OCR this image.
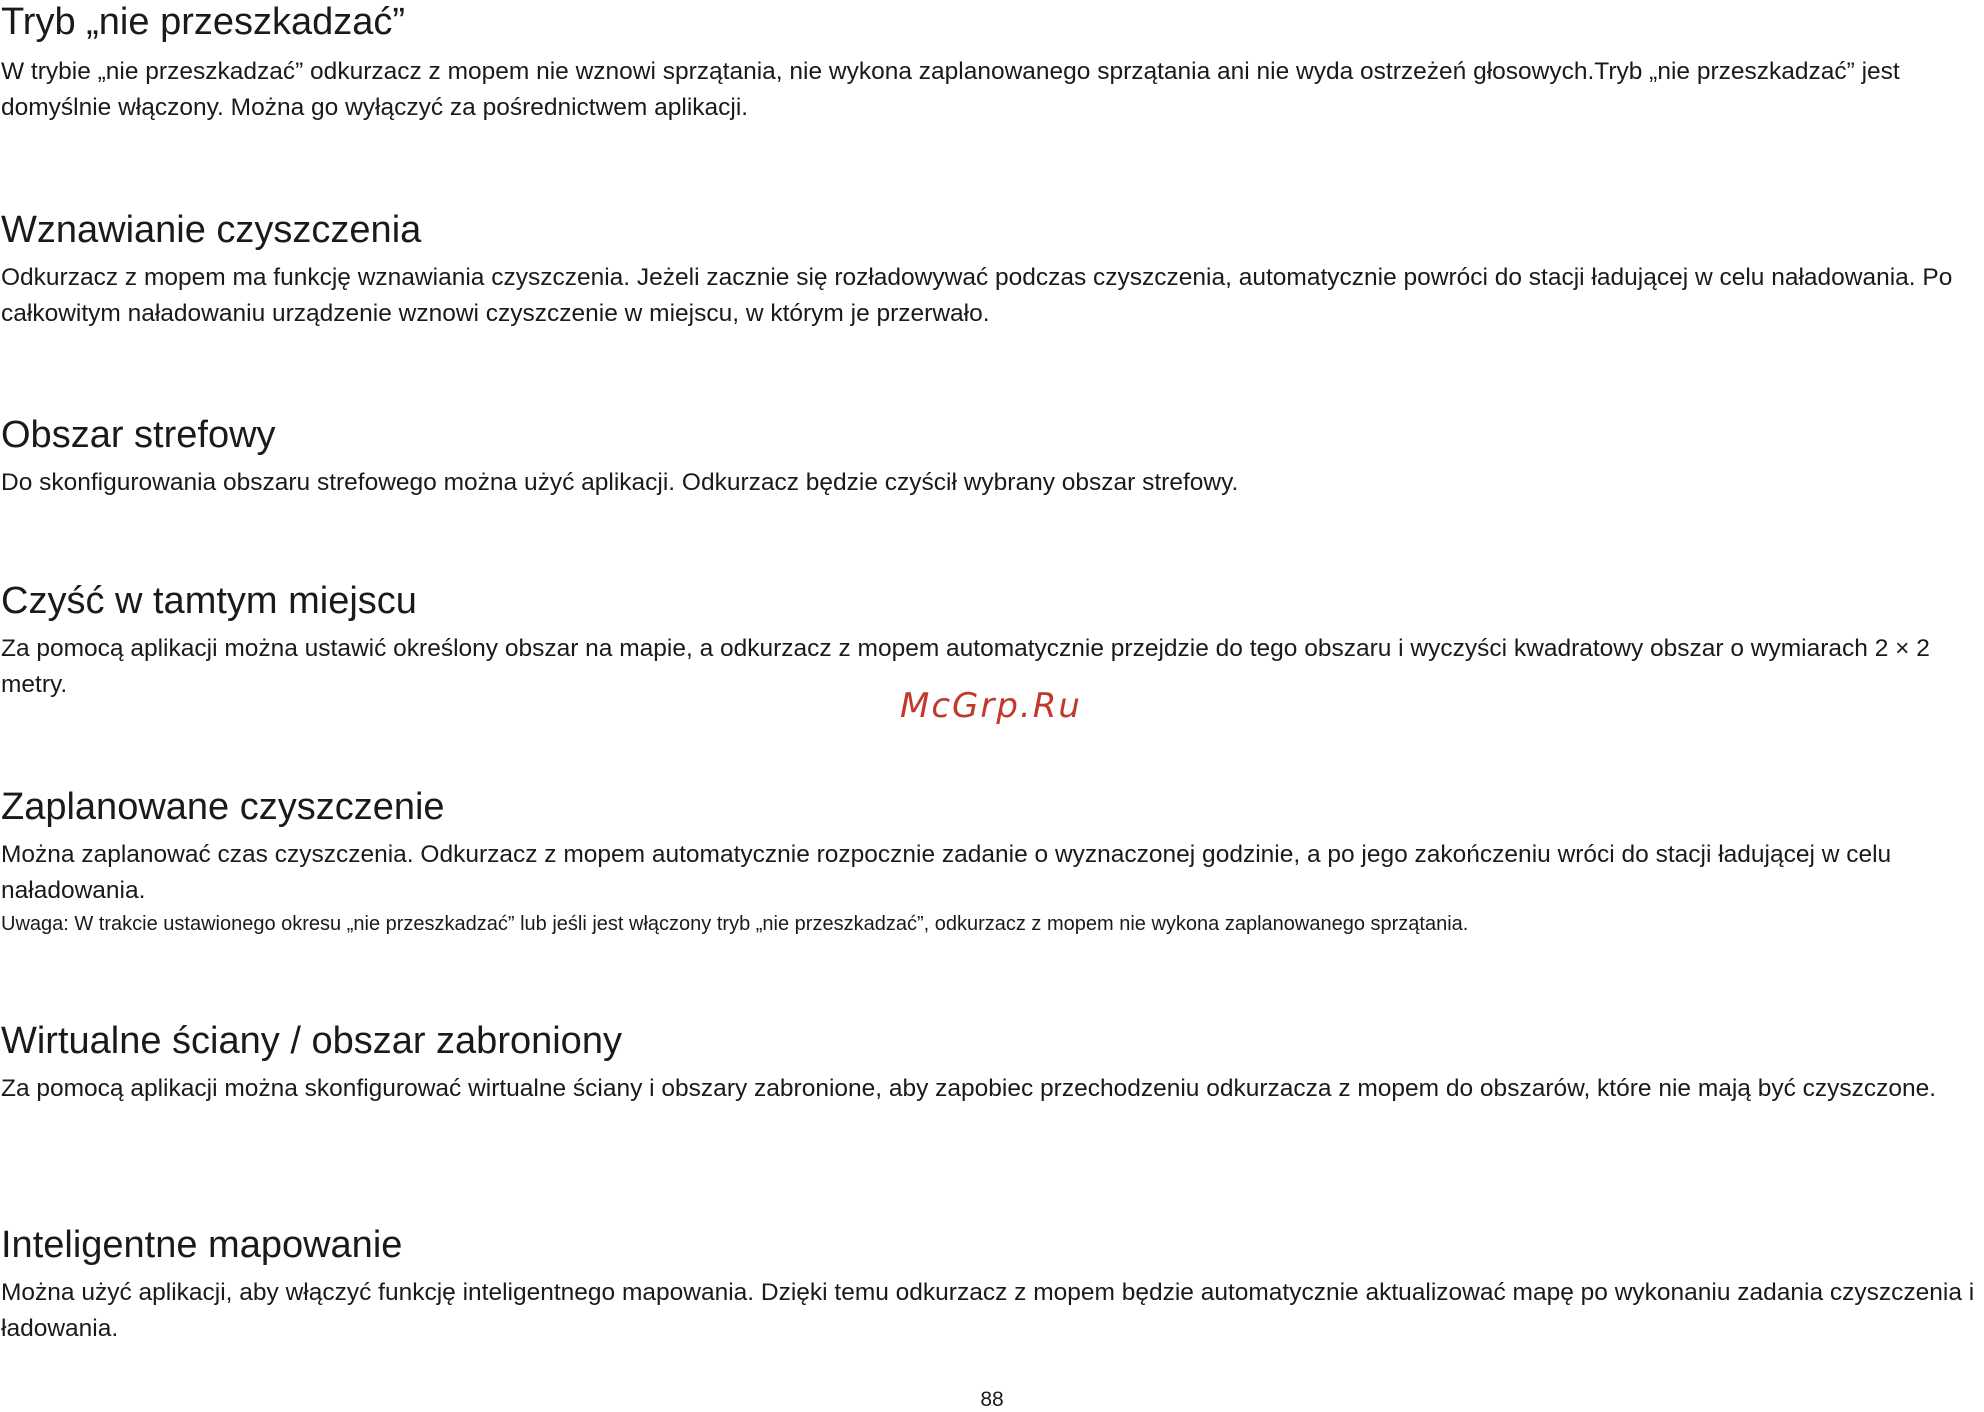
Tryb „nie przeszkadzać”

W trybie „nie przeszkadzać” odkurzacz z mopem nie wznowi sprzątania, nie wykona zaplanowanego sprzątania ani nie wyda ostrzeżeń głosowych.Tryb „nie przeszkadzać” jest domyślnie włączony. Można go wyłączyć za pośrednictwem aplikacji.

Wznawianie czyszczenia

Odkurzacz z mopem ma funkcję wznawiania czyszczenia. Jeżeli zacznie się rozładowywać podczas czyszczenia, automatycznie powróci do stacji ładującej w celu naładowania. Po całkowitym naładowaniu urządzenie wznowi czyszczenie w miejscu, w którym je przerwało.

Obszar strefowy

Do skonfigurowania obszaru strefowego można użyć aplikacji. Odkurzacz będzie czyścił wybrany obszar strefowy.

Czyść w tamtym miejscu

Za pomocą aplikacji można ustawić określony obszar na mapie, a odkurzacz z mopem automatycznie przejdzie do tego obszaru i wyczyści kwadratowy obszar o wymiarach 2 × 2 metry.

McGrp.Ru
Zaplanowane czyszczenie

Można zaplanować czas czyszczenia. Odkurzacz z mopem automatycznie rozpocznie zadanie o wyznaczonej godzinie, a po jego zakończeniu wróci do stacji ładującej w celu naładowania.

Uwaga: W trakcie ustawionego okresu „nie przeszkadzać” lub jeśli jest włączony tryb „nie przeszkadzać”, odkurzacz z mopem nie wykona zaplanowanego sprzątania.

Wirtualne ściany / obszar zabroniony

Za pomocą aplikacji można skonfigurować wirtualne ściany i obszary zabronione, aby zapobiec przechodzeniu odkurzacza z mopem do obszarów, które nie mają być czyszczone.

Inteligentne mapowanie

Można użyć aplikacji, aby włączyć funkcję inteligentnego mapowania. Dzięki temu odkurzacz z mopem będzie automatycznie aktualizować mapę po wykonaniu zadania czyszczenia i ładowania.

88
